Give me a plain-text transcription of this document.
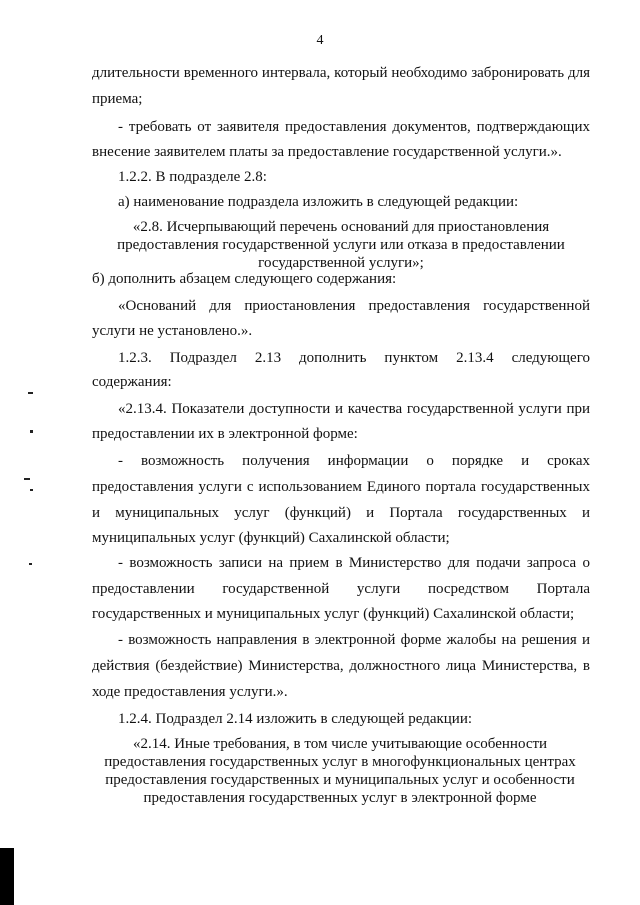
4
длительности временного интервала, который необходимо забронировать для
приема;
- требовать от заявителя предоставления документов, подтверждающих
внесение заявителем платы за предоставление государственной услуги.».
1.2.2. В подразделе 2.8:
а) наименование подраздела изложить в следующей редакции:
«2.8. Исчерпывающий перечень оснований для приостановления
предоставления государственной услуги или отказа в предоставлении
государственной услуги»;
б) дополнить абзацем следующего содержания:
«Оснований для приостановления предоставления государственной
услуги не установлено.».
1.2.3. Подраздел 2.13 дополнить пунктом 2.13.4 следующего
содержания:
«2.13.4. Показатели доступности и качества государственной услуги при
предоставлении их в электронной форме:
- возможность получения информации о порядке и сроках
предоставления услуги с использованием Единого портала государственных
и муниципальных услуг (функций) и Портала государственных и
муниципальных услуг (функций) Сахалинской области;
- возможность записи на прием в Министерство для подачи запроса о
предоставлении государственной услуги посредством Портала
государственных и муниципальных услуг (функций) Сахалинской области;
- возможность направления в электронной форме жалобы на решения и
действия (бездействие) Министерства, должностного лица Министерства, в
ходе предоставления услуги.».
1.2.4. Подраздел 2.14 изложить в следующей редакции:
«2.14. Иные требования, в том числе учитывающие особенности
предоставления государственных услуг в многофункциональных центрах
предоставления государственных и муниципальных услуг и особенности
предоставления государственных услуг в электронной форме
